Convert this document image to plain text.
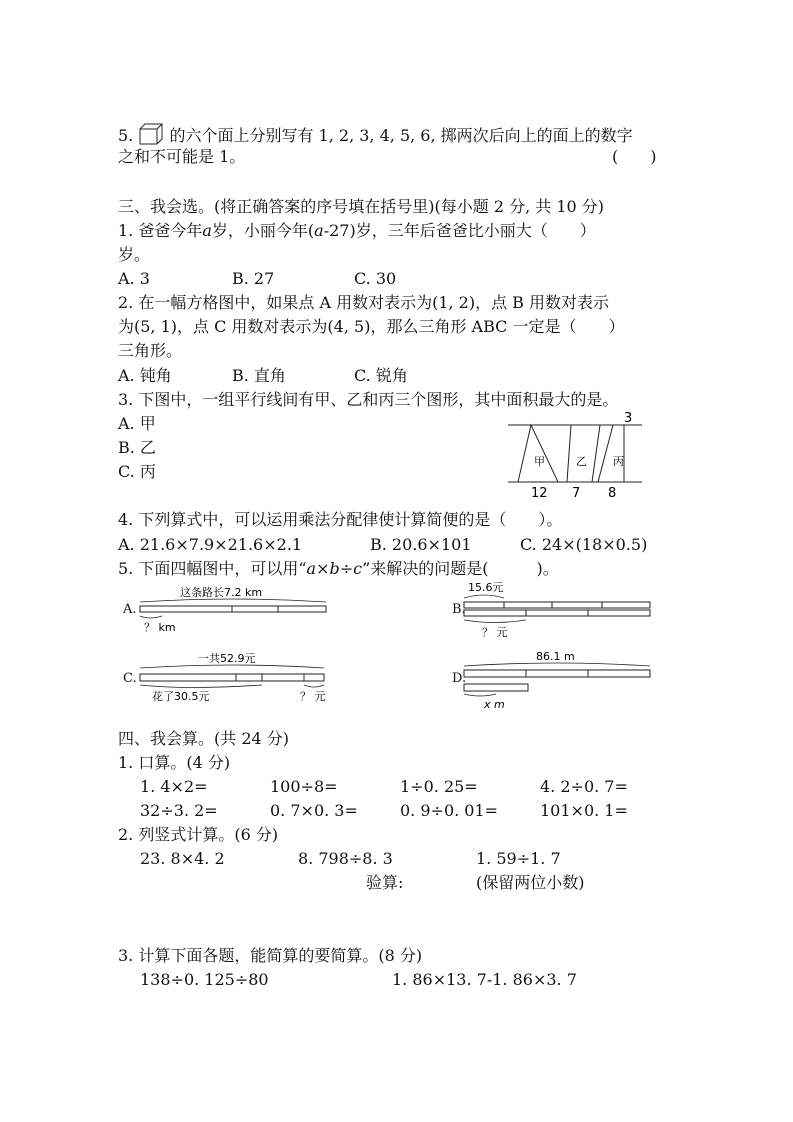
5. 的六个面上分别写有 1, 2, 3, 4, 5, 6, 掷两次后向上的面上的数字
之和不可能是 1。	(　　)
三、我会选。(将正确答案的序号填在括号里)(每小题 2 分, 共 10 分)
1. 爸爸今年a岁，小丽今年(a-27)岁，三年后爸爸比小丽大（　　）
岁。
A. 3	B. 27	C. 30
2. 在一幅方格图中，如果点 A 用数对表示为(1, 2)，点 B 用数对表示
为(5, 1)，点 C 用数对表示为(4, 5)，那么三角形 ABC 一定是（　　）
三角形。
A. 钝角	B. 直角	C. 锐角
3. 下图中，一组平行线间有甲、乙和丙三个图形，其中面积最大的是。
A. 甲
B. 乙
C. 丙
3
甲	乙 丙
12 7 8
4. 下列算式中，可以运用乘法分配律使计算简便的是（　　）。
A. 21.6×7.9×21.6×2.1	B. 20.6×101	C. 24×(18×0.5)
5. 下面四幅图中，可以用“a×b÷c”来解决的问题是(　　　)。
A.
这条路长7.2 km
？ km
B.
15.6元
？ 元
C.
一共52.9元
花了30.5元	？ 元
D.
86.1 m
x m
四、我会算。(共 24 分)
1. 口算。(4 分)
1. 4×2=	100÷8=	1÷0. 25=	4. 2÷0. 7=
32÷3. 2=	0. 7×0. 3=	0. 9÷0. 01=	101×0. 1=
2. 列竖式计算。(6 分)
23. 8×4. 2	8. 798÷8. 3	1. 59÷1. 7
验算:	(保留两位小数)
3. 计算下面各题，能简算的要简算。(8 分)
138÷0. 125÷80	1. 86×13. 7-1. 86×3. 7
